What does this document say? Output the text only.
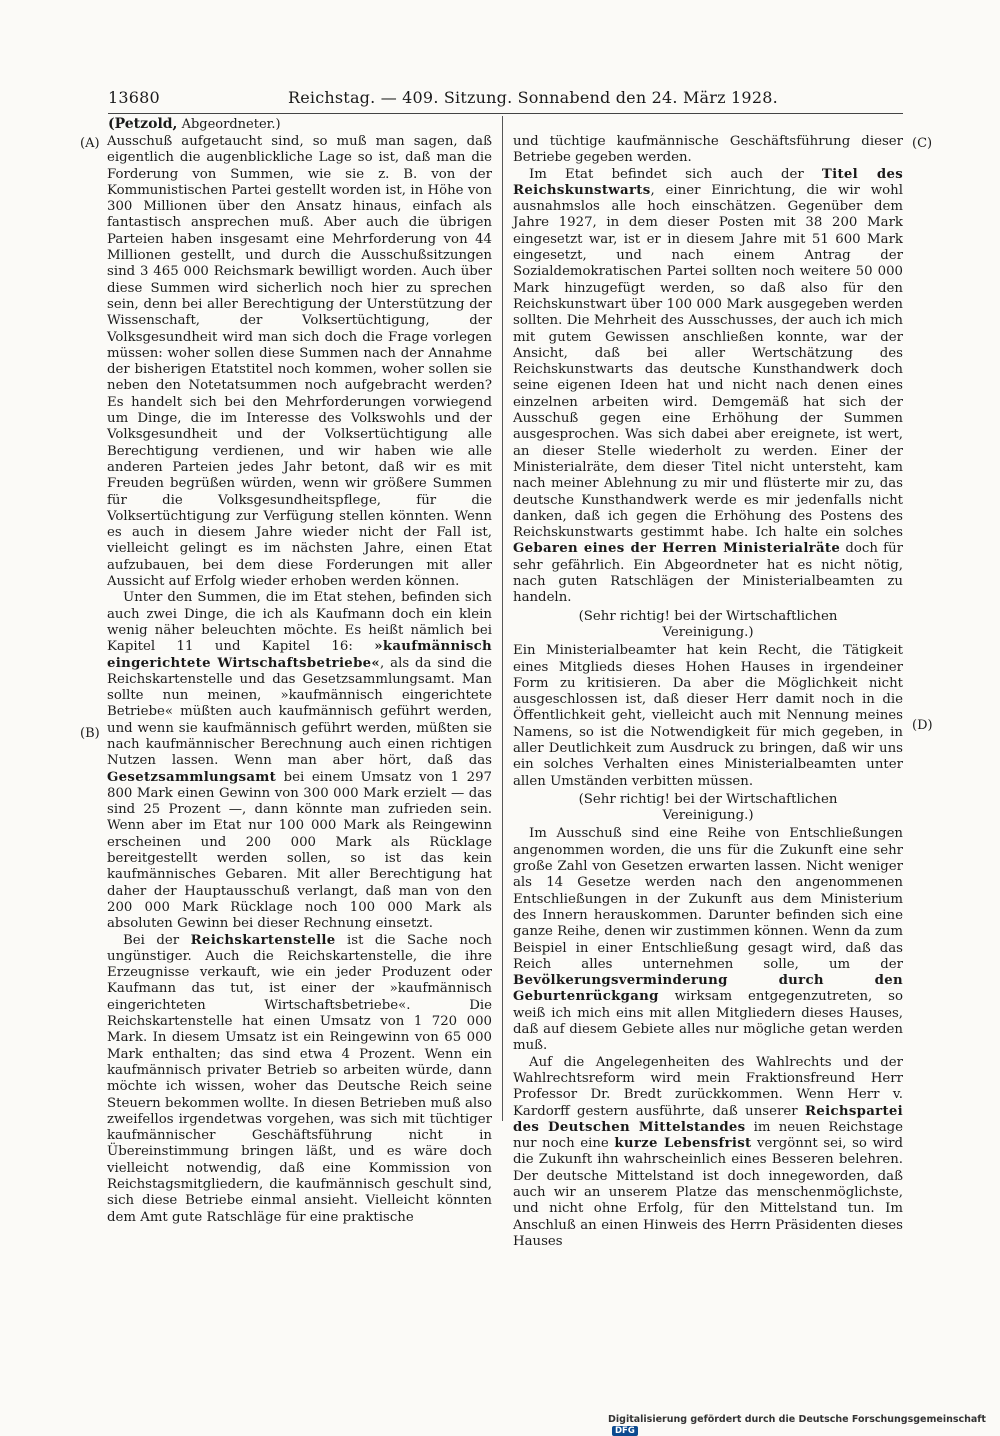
13680	Reichstag. — 409. Sitzung. Sonnabend den 24. März 1928.
(Petzold, Abgeordneter.)
(A)
(B)
(C)
(D)

Ausschuß aufgetaucht sind, so muß man sagen, daß eigentlich die augenblickliche Lage so ist, daß man die Forderung von Summen, wie sie z. B. von der Kommunistischen Partei gestellt worden ist, in Höhe von 300 Millionen über den Ansatz hinaus, einfach als fantastisch ansprechen muß. Aber auch die übrigen Parteien haben insgesamt eine Mehrforderung von 44 Millionen gestellt, und durch die Ausschußsitzungen sind 3 465 000 Reichsmark bewilligt worden. Auch über diese Summen wird sicherlich noch hier zu sprechen sein, denn bei aller Berechtigung der Unterstützung der Wissenschaft, der Volksertüchtigung, der Volksgesundheit wird man sich doch die Frage vorlegen müssen: woher sollen diese Summen nach der Annahme der bisherigen Etatstitel noch kommen, woher sollen sie neben den Notetatsummen noch aufgebracht werden? Es handelt sich bei den Mehrforderungen vorwiegend um Dinge, die im Interesse des Volkswohls und der Volksgesundheit und der Volksertüchtigung alle Berechtigung verdienen, und wir haben wie alle anderen Parteien jedes Jahr betont, daß wir es mit Freuden begrüßen würden, wenn wir größere Summen für die Volksgesundheitspflege, für die Volksertüchtigung zur Verfügung stellen könnten. Wenn es auch in diesem Jahre wieder nicht der Fall ist, vielleicht gelingt es im nächsten Jahre, einen Etat aufzubauen, bei dem diese Forderungen mit aller Aussicht auf Erfolg wieder erhoben werden können.

Unter den Summen, die im Etat stehen, befinden sich auch zwei Dinge, die ich als Kaufmann doch ein klein wenig näher beleuchten möchte. Es heißt nämlich bei Kapitel 11 und Kapitel 16: »kaufmännisch eingerichtete Wirtschaftsbetriebe«, als da sind die Reichskartenstelle und das Gesetzsammlungsamt. Man sollte nun meinen, »kaufmännisch eingerichtete Betriebe« müßten auch kaufmännisch geführt werden, und wenn sie kaufmännisch geführt werden, müßten sie nach kaufmännischer Berechnung auch einen richtigen Nutzen lassen. Wenn man aber hört, daß das Gesetzsammlungsamt bei einem Umsatz von 1 297 800 Mark einen Gewinn von 300 000 Mark erzielt — das sind 25 Prozent —, dann könnte man zufrieden sein. Wenn aber im Etat nur 100 000 Mark als Reingewinn erscheinen und 200 000 Mark als Rücklage bereitgestellt werden sollen, so ist das kein kaufmännisches Gebaren. Mit aller Berechtigung hat daher der Hauptausschuß verlangt, daß man von den 200 000 Mark Rücklage noch 100 000 Mark als absoluten Gewinn bei dieser Rechnung einsetzt.

Bei der Reichskartenstelle ist die Sache noch ungünstiger. Auch die Reichskartenstelle, die ihre Erzeugnisse verkauft, wie ein jeder Produzent oder Kaufmann das tut, ist einer der »kaufmännisch eingerichteten Wirtschaftsbetriebe«. Die Reichskartenstelle hat einen Umsatz von 1 720 000 Mark. In diesem Umsatz ist ein Reingewinn von 65 000 Mark enthalten; das sind etwa 4 Prozent. Wenn ein kaufmännisch privater Betrieb so arbeiten würde, dann möchte ich wissen, woher das Deutsche Reich seine Steuern bekommen wollte. In diesen Betrieben muß also zweifellos irgendetwas vorgehen, was sich mit tüchtiger kaufmännischer Geschäftsführung nicht in Übereinstimmung bringen läßt, und es wäre doch vielleicht notwendig, daß eine Kommission von Reichstagsmitgliedern, die kaufmännisch geschult sind, sich diese Betriebe einmal ansieht. Vielleicht könnten dem Amt gute Ratschläge für eine praktische

und tüchtige kaufmännische Geschäftsführung dieser Betriebe gegeben werden.

Im Etat befindet sich auch der Titel des Reichskunstwarts, einer Einrichtung, die wir wohl ausnahmslos alle hoch einschätzen. Gegenüber dem Jahre 1927, in dem dieser Posten mit 38 200 Mark eingesetzt war, ist er in diesem Jahre mit 51 600 Mark eingesetzt, und nach einem Antrag der Sozialdemokratischen Partei sollten noch weitere 50 000 Mark hinzugefügt werden, so daß also für den Reichskunstwart über 100 000 Mark ausgegeben werden sollten. Die Mehrheit des Ausschusses, der auch ich mich mit gutem Gewissen anschließen konnte, war der Ansicht, daß bei aller Wertschätzung des Reichskunstwarts das deutsche Kunsthandwerk doch seine eigenen Ideen hat und nicht nach denen eines einzelnen arbeiten wird. Demgemäß hat sich der Ausschuß gegen eine Erhöhung der Summen ausgesprochen. Was sich dabei aber ereignete, ist wert, an dieser Stelle wiederholt zu werden. Einer der Ministerialräte, dem dieser Titel nicht untersteht, kam nach meiner Ablehnung zu mir und flüsterte mir zu, das deutsche Kunsthandwerk werde es mir jedenfalls nicht danken, daß ich gegen die Erhöhung des Postens des Reichskunstwarts gestimmt habe. Ich halte ein solches Gebaren eines der Herren Ministerialräte doch für sehr gefährlich. Ein Abgeordneter hat es nicht nötig, nach guten Ratschlägen der Ministerialbeamten zu handeln.

(Sehr richtig! bei der Wirtschaftlichen Vereinigung.)

Ein Ministerialbeamter hat kein Recht, die Tätigkeit eines Mitglieds dieses Hohen Hauses in irgendeiner Form zu kritisieren. Da aber die Möglichkeit nicht ausgeschlossen ist, daß dieser Herr damit noch in die Öffentlichkeit geht, vielleicht auch mit Nennung meines Namens, so ist die Notwendigkeit für mich gegeben, in aller Deutlichkeit zum Ausdruck zu bringen, daß wir uns ein solches Verhalten eines Ministerialbeamten unter allen Umständen verbitten müssen.

(Sehr richtig! bei der Wirtschaftlichen Vereinigung.)

Im Ausschuß sind eine Reihe von Entschließungen angenommen worden, die uns für die Zukunft eine sehr große Zahl von Gesetzen erwarten lassen. Nicht weniger als 14 Gesetze werden nach den angenommenen Entschließungen in der Zukunft aus dem Ministerium des Innern herauskommen. Darunter befinden sich eine ganze Reihe, denen wir zustimmen können. Wenn da zum Beispiel in einer Entschließung gesagt wird, daß das Reich alles unternehmen solle, um der Bevölkerungsverminderung durch den Geburtenrückgang wirksam entgegenzutreten, so weiß ich mich eins mit allen Mitgliedern dieses Hauses, daß auf diesem Gebiete alles nur mögliche getan werden muß.

Auf die Angelegenheiten des Wahlrechts und der Wahlrechtsreform wird mein Fraktionsfreund Herr Professor Dr. Bredt zurückkommen. Wenn Herr v. Kardorff gestern ausführte, daß unserer Reichspartei des Deutschen Mittelstandes im neuen Reichstage nur noch eine kurze Lebensfrist vergönnt sei, so wird die Zukunft ihn wahrscheinlich eines Besseren belehren. Der deutsche Mittelstand ist doch innegeworden, daß auch wir an unserem Platze das menschenmöglichste, und nicht ohne Erfolg, für den Mittelstand tun. Im Anschluß an einen Hinweis des Herrn Präsidenten dieses Hauses

Digitalisierung gefördert durch die Deutsche Forschungsgemeinschaft DFG
